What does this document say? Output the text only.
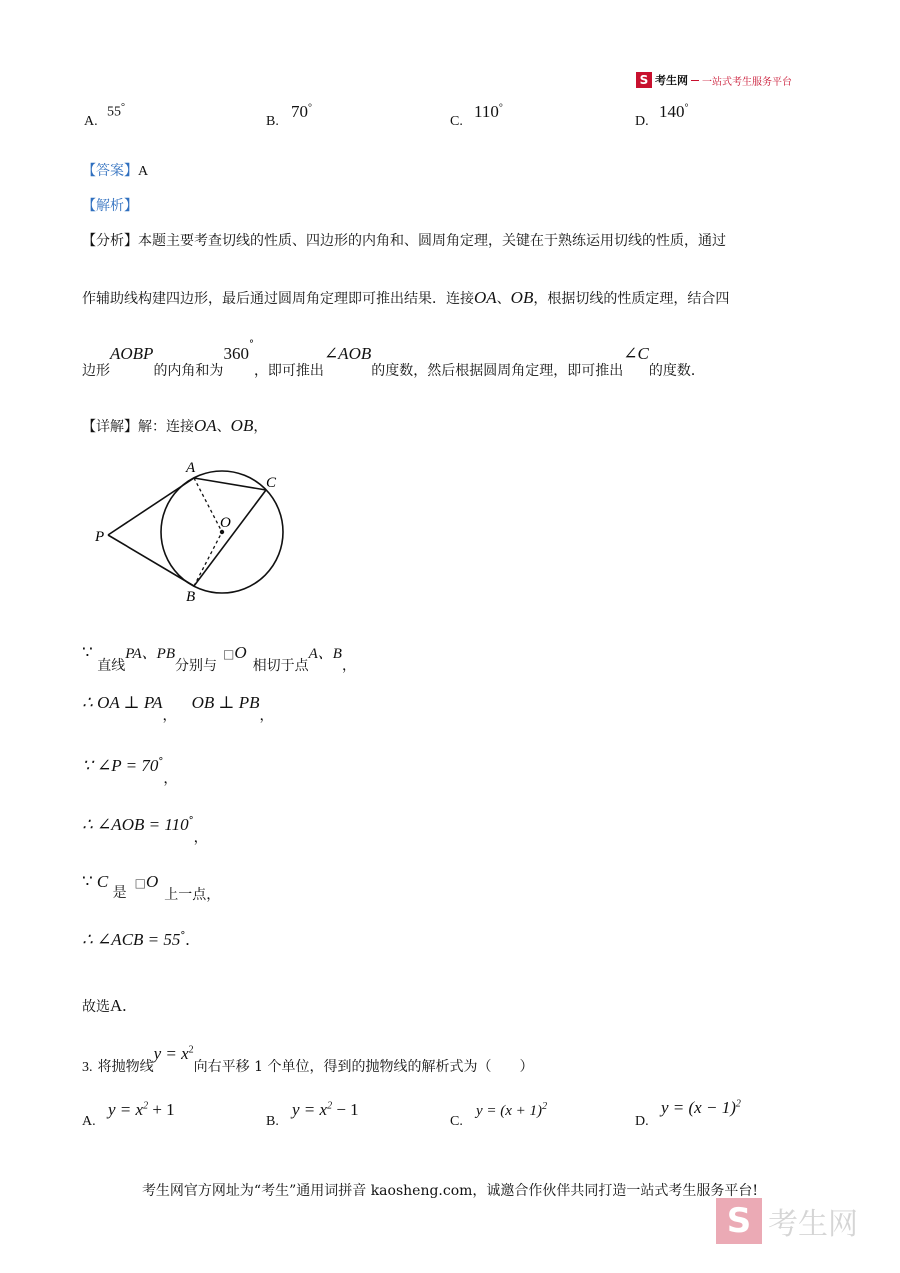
S 考生网 一站式考生服务平台
A.
55°
B.
70°
C.
110°
D.
140°
【答案】A
【解析】
【分析】本题主要考查切线的性质、四边形的内角和、圆周角定理，关键在于熟练运用切线的性质，通过
作辅助线构建四边形，最后通过圆周角定理即可推出结果．连接OA、OB，根据切线的性质定理，结合四
边形AOBP的内角和为360°，即可推出∠AOB的度数，然后根据圆周角定理，即可推出∠C的度数．
【详解】解：连接OA、OB，
A
C
O
P
B
∵ 直线PA、PB分别与□O相切于点A、B，
∴ OA ⊥ PA， OB ⊥ PB，
∵ ∠P = 70°，
∴ ∠AOB = 110°，
∵ C 是□O上一点，
∴ ∠ACB = 55°.
故选A.
3. 将抛物线$y = x^2$向右平移 1 个单位，得到的抛物线的解析式为（　　）
A.
$y = x^2 + 1$
B.
$y = x^2 - 1$
C.
$y = (x + 1)^2$
D.
$y = (x - 1)^2$
考生网官方网址为“考生”通用词拼音 kaosheng.com，诚邀合作伙伴共同打造一站式考生服务平台!
S 考生网
